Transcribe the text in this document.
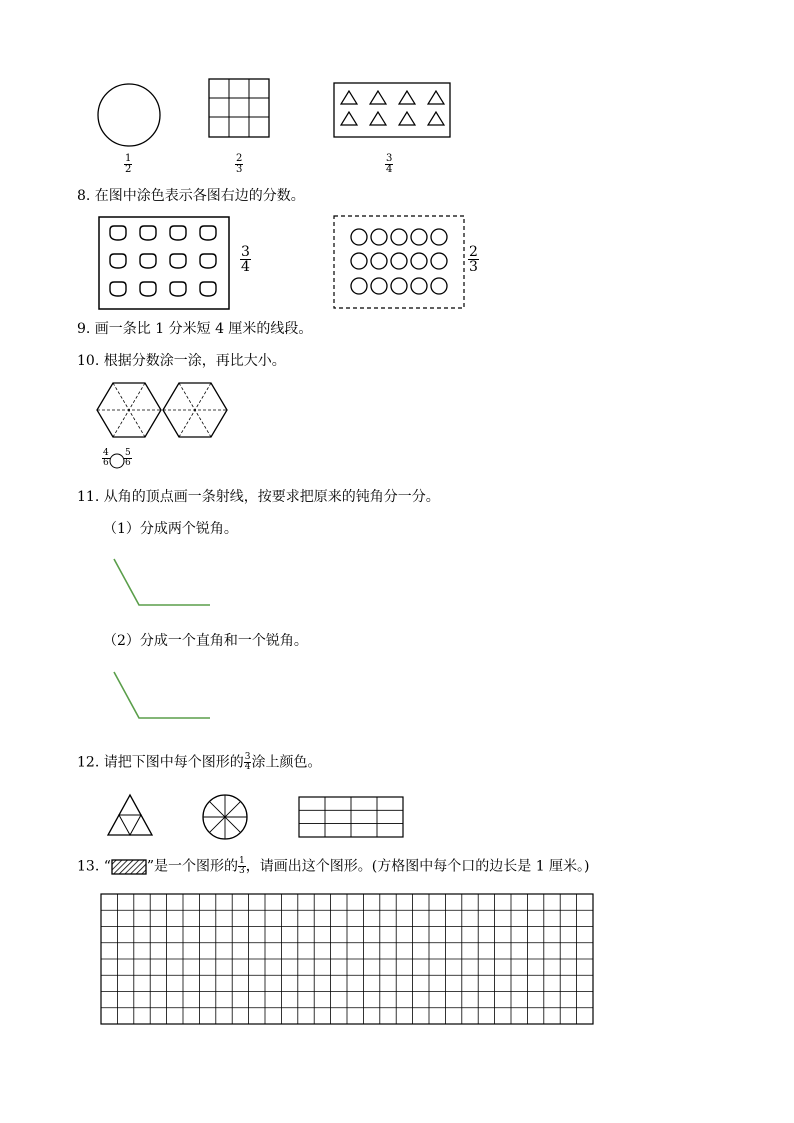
$\frac{1}{2}$	$\frac{2}{3}$	$\frac{3}{4}$
8. 在图中涂色表示各图右边的分数。
$\frac{3}{4}$	$\frac{2}{3}$
9. 画一条比 1 分米短 4 厘米的线段。
10. 根据分数涂一涂，再比大小。
$\frac{4}{6} \frac{5}{6}$
11. 从角的顶点画一条射线，按要求把原来的钝角分一分。
（1）分成两个锐角。
（2）分成一个直角和一个锐角。
12. 请把下图中每个图形的 $\frac{3}{4}$ 涂上颜色。
13. “	”是一个图形的 $\frac{1}{3}$ ，请画出这个图形。(方格图中每个口的边长是 1 厘米。)
